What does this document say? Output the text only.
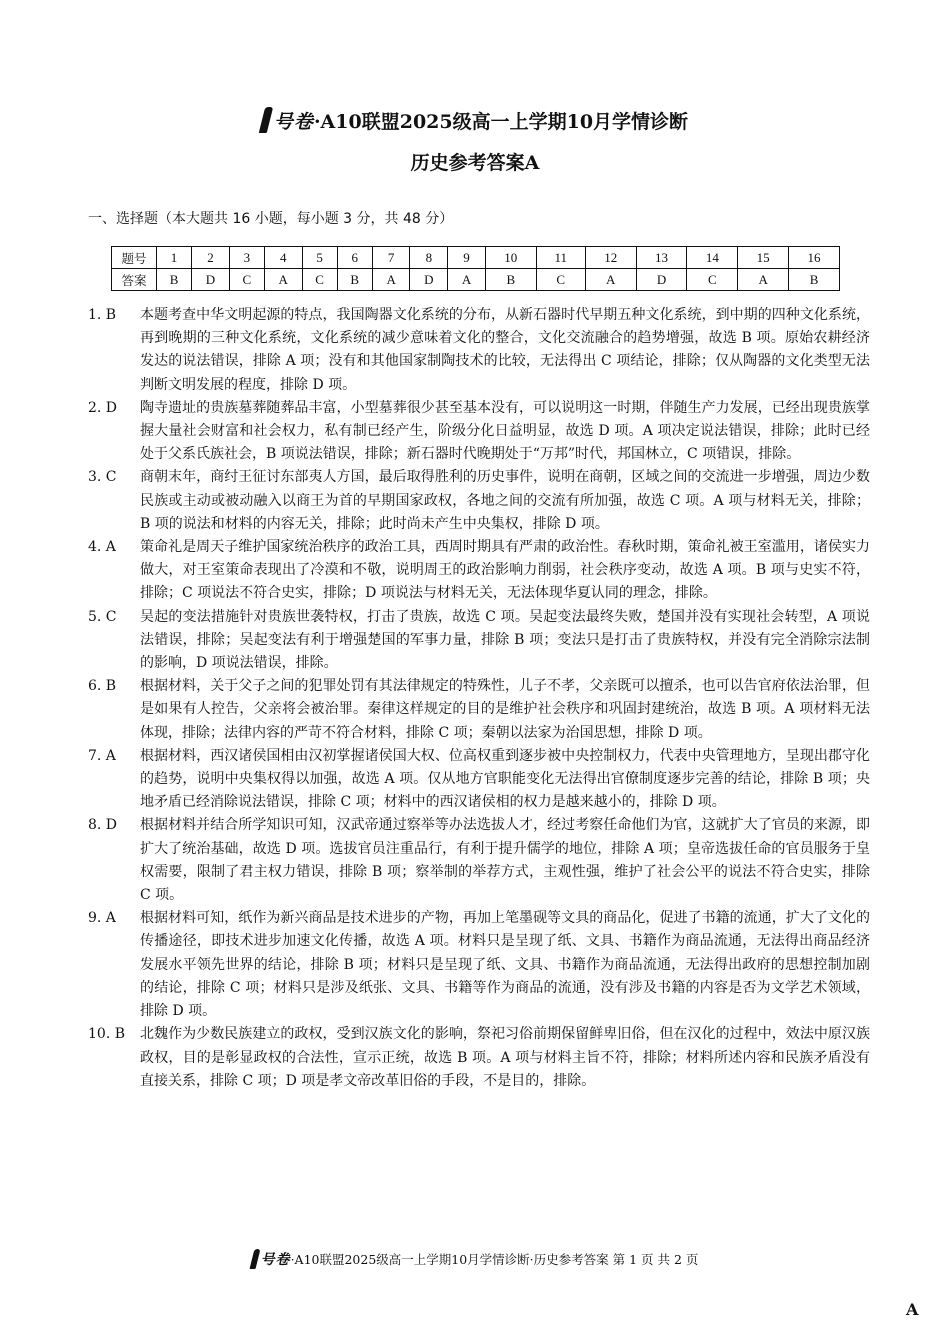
号卷 ·A10联盟2025级高一上学期10月学情诊断
历史参考答案A
一、选择题（本大题共 16 小题，每小题 3 分，共 48 分）
题号	1	2	3	4	5	6	7	8	9	10	11	12	13	14	15	16
答案	B	D	C	A	C	B	A	D	A	B	C	A	D	C	A	B
1. B	本题考查中华文明起源的特点，我国陶器文化系统的分布，从新石器时代早期五种文化系统，到中期的四种文化系统，再到晚期的三种文化系统，文化系统的减少意味着文化的整合，文化交流融合的趋势增强，故选 B 项。原始农耕经济发达的说法错误，排除 A 项；没有和其他国家制陶技术的比较，无法得出 C 项结论，排除；仅从陶器的文化类型无法判断文明发展的程度，排除 D 项。
2. D	陶寺遗址的贵族墓葬随葬品丰富，小型墓葬很少甚至基本没有，可以说明这一时期，伴随生产力发展，已经出现贵族掌握大量社会财富和社会权力，私有制已经产生，阶级分化日益明显，故选 D 项。A 项决定说法错误，排除；此时已经处于父系氏族社会，B 项说法错误，排除；新石器时代晚期处于“万邦”时代，邦国林立，C 项错误，排除。
3. C	商朝末年，商纣王征讨东部夷人方国，最后取得胜利的历史事件，说明在商朝，区域之间的交流进一步增强，周边少数民族或主动或被动融入以商王为首的早期国家政权，各地之间的交流有所加强，故选 C 项。A 项与材料无关，排除；B 项的说法和材料的内容无关，排除；此时尚未产生中央集权，排除 D 项。
4. A	策命礼是周天子维护国家统治秩序的政治工具，西周时期具有严肃的政治性。春秋时期，策命礼被王室滥用，诸侯实力做大，对王室策命表现出了冷漠和不敬，说明周王的政治影响力削弱，社会秩序变动，故选 A 项。B 项与史实不符，排除；C 项说法不符合史实，排除；D 项说法与材料无关，无法体现华夏认同的理念，排除。
5. C	吴起的变法措施针对贵族世袭特权，打击了贵族，故选 C 项。吴起变法最终失败，楚国并没有实现社会转型，A 项说法错误，排除；吴起变法有利于增强楚国的军事力量，排除 B 项；变法只是打击了贵族特权，并没有完全消除宗法制的影响，D 项说法错误，排除。
6. B	根据材料，关于父子之间的犯罪处罚有其法律规定的特殊性，儿子不孝，父亲既可以擅杀，也可以告官府依法治罪，但是如果有人控告，父亲将会被治罪。秦律这样规定的目的是维护社会秩序和巩固封建统治，故选 B 项。A 项材料无法体现，排除；法律内容的严苛不符合材料，排除 C 项；秦朝以法家为治国思想，排除 D 项。
7. A	根据材料，西汉诸侯国相由汉初掌握诸侯国大权、位高权重到逐步被中央控制权力，代表中央管理地方，呈现出郡守化的趋势，说明中央集权得以加强，故选 A 项。仅从地方官职能变化无法得出官僚制度逐步完善的结论，排除 B 项；央地矛盾已经消除说法错误，排除 C 项；材料中的西汉诸侯相的权力是越来越小的，排除 D 项。
8. D	根据材料并结合所学知识可知，汉武帝通过察举等办法选拔人才，经过考察任命他们为官，这就扩大了官员的来源，即扩大了统治基础，故选 D 项。选拔官员注重品行，有利于提升儒学的地位，排除 A 项；皇帝选拔任命的官员服务于皇权需要，限制了君主权力错误，排除 B 项；察举制的举荐方式，主观性强，维护了社会公平的说法不符合史实，排除 C 项。
9. A	根据材料可知，纸作为新兴商品是技术进步的产物，再加上笔墨砚等文具的商品化，促进了书籍的流通，扩大了文化的传播途径，即技术进步加速文化传播，故选 A 项。材料只是呈现了纸、文具、书籍作为商品流通，无法得出商品经济发展水平领先世界的结论，排除 B 项；材料只是呈现了纸、文具、书籍作为商品流通，无法得出政府的思想控制加剧的结论，排除 C 项；材料只是涉及纸张、文具、书籍等作为商品的流通，没有涉及书籍的内容是否为文学艺术领域，排除 D 项。
10. B	北魏作为少数民族建立的政权，受到汉族文化的影响，祭祀习俗前期保留鲜卑旧俗，但在汉化的过程中，效法中原汉族政权，目的是彰显政权的合法性，宣示正统，故选 B 项。A 项与材料主旨不符，排除；材料所述内容和民族矛盾没有直接关系，排除 C 项；D 项是孝文帝改革旧俗的手段，不是目的，排除。
号卷 ·A10联盟2025级高一上学期10月学情诊断·历史参考答案 第 1 页 共 2 页
A
